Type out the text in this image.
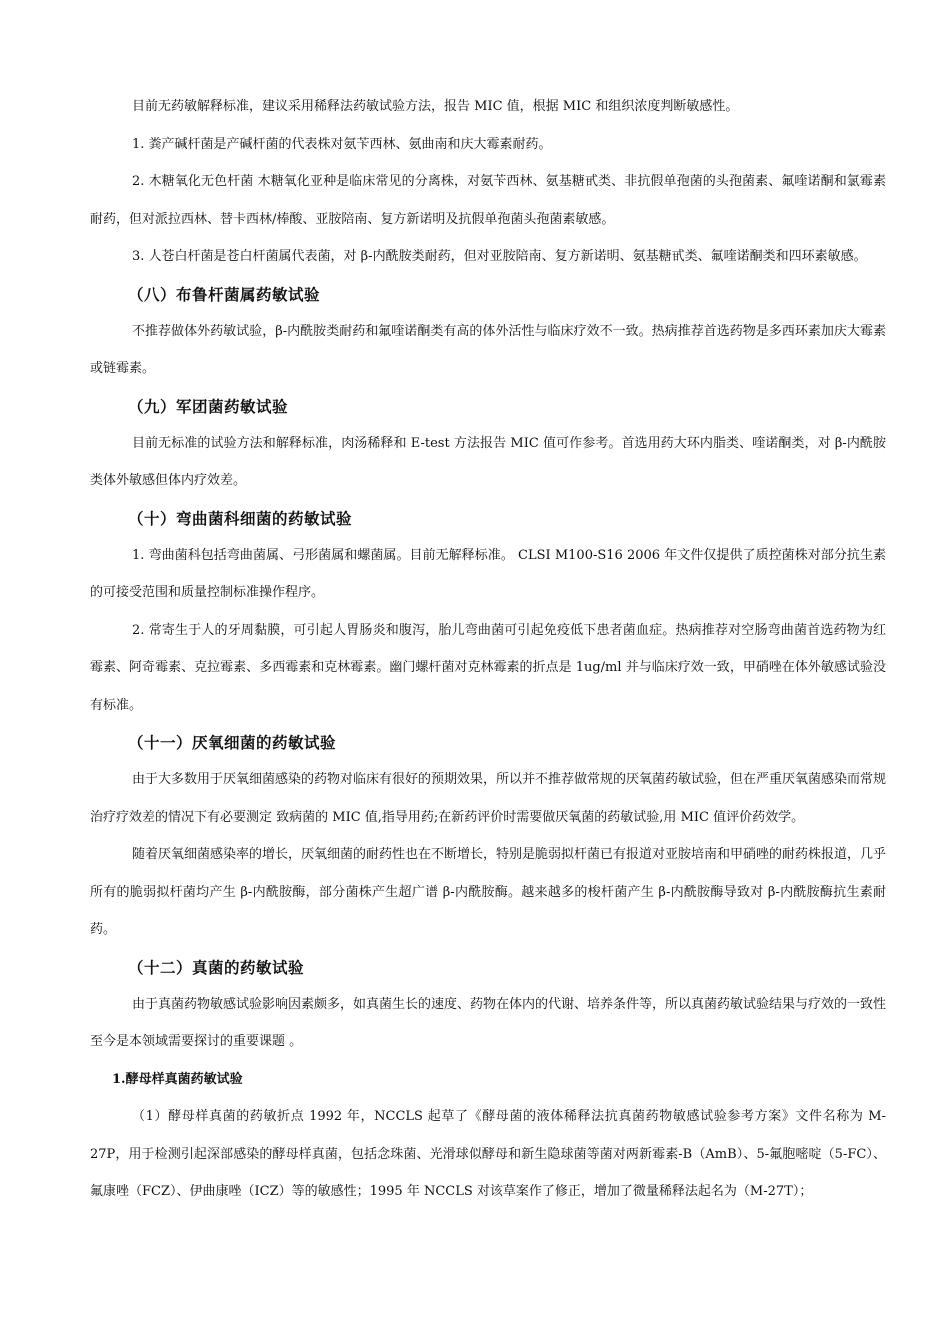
目前无药敏解释标准，建议采用稀释法药敏试验方法，报告 MIC 值，根据 MIC 和组织浓度判断敏感性。

1. 粪产碱杆菌是产碱杆菌的代表株对氨苄西林、氨曲南和庆大霉素耐药。

2. 木糖氧化无色杆菌 木糖氧化亚种是临床常见的分离株，对氨苄西林、氨基糖甙类、非抗假单孢菌的头孢菌素、氟喹诺酮和氯霉素耐药，但对派拉西林、替卡西林/棒酸、亚胺陪南、复方新诺明及抗假单孢菌头孢菌素敏感。

3. 人苍白杆菌是苍白杆菌属代表菌，对 β-内酰胺类耐药，但对亚胺陪南、复方新诺明、氨基糖甙类、氟喹诺酮类和四环素敏感。

（八）布鲁杆菌属药敏试验

不推荐做体外药敏试验，β-内酰胺类耐药和氟喹诺酮类有高的体外活性与临床疗效不一致。热病推荐首选药物是多西环素加庆大霉素或链霉素。

（九）军团菌药敏试验

目前无标准的试验方法和解释标准，肉汤稀释和 E-test 方法报告 MIC 值可作参考。首选用药大环内脂类、喹诺酮类，对 β-内酰胺类体外敏感但体内疗效差。

（十）弯曲菌科细菌的药敏试验

1. 弯曲菌科包括弯曲菌属、弓形菌属和螺菌属。目前无解释标准。 CLSI M100-S16 2006 年文件仅提供了质控菌株对部分抗生素的可接受范围和质量控制标准操作程序。

2. 常寄生于人的牙周黏膜，可引起人胃肠炎和腹泻，胎儿弯曲菌可引起免疫低下患者菌血症。热病推荐对空肠弯曲菌首选药物为红霉素、阿奇霉素、克拉霉素、多西霉素和克林霉素。幽门螺杆菌对克林霉素的折点是 1ug/ml 并与临床疗效一致，甲硝唑在体外敏感试验没有标准。

（十一）厌氧细菌的药敏试验

由于大多数用于厌氧细菌感染的药物对临床有很好的预期效果，所以并不推荐做常规的厌氧菌药敏试验，但在严重厌氧菌感染而常规治疗疗效差的情况下有必要测定 致病菌的 MIC 值,指导用药;在新药评价时需要做厌氧菌的药敏试验,用 MIC 值评价药效学。

随着厌氧细菌感染率的增长，厌氧细菌的耐药性也在不断增长，特别是脆弱拟杆菌已有报道对亚胺培南和甲硝唑的耐药株报道，几乎所有的脆弱拟杆菌均产生 β-内酰胺酶，部分菌株产生超广谱 β-内酰胺酶。越来越多的梭杆菌产生 β-内酰胺酶导致对 β-内酰胺酶抗生素耐药。

（十二）真菌的药敏试验

由于真菌药物敏感试验影响因素颇多，如真菌生长的速度、药物在体内的代谢、培养条件等，所以真菌药敏试验结果与疗效的一致性至今是本领域需要探讨的重要课题 。

1.酵母样真菌药敏试验

（1）酵母样真菌的药敏折点 1992 年，NCCLS 起草了《酵母菌的液体稀释法抗真菌药物敏感试验参考方案》文件名称为 M-27P，用于检测引起深部感染的酵母样真菌，包括念珠菌、光滑球似酵母和新生隐球菌等菌对两新霉素-B（AmB）、5-氟胞嘧啶（5-FC）、氟康唑（FCZ）、伊曲康唑（ICZ）等的敏感性；1995 年 NCCLS 对该草案作了修正，增加了微量稀释法起名为（M-27T）；
